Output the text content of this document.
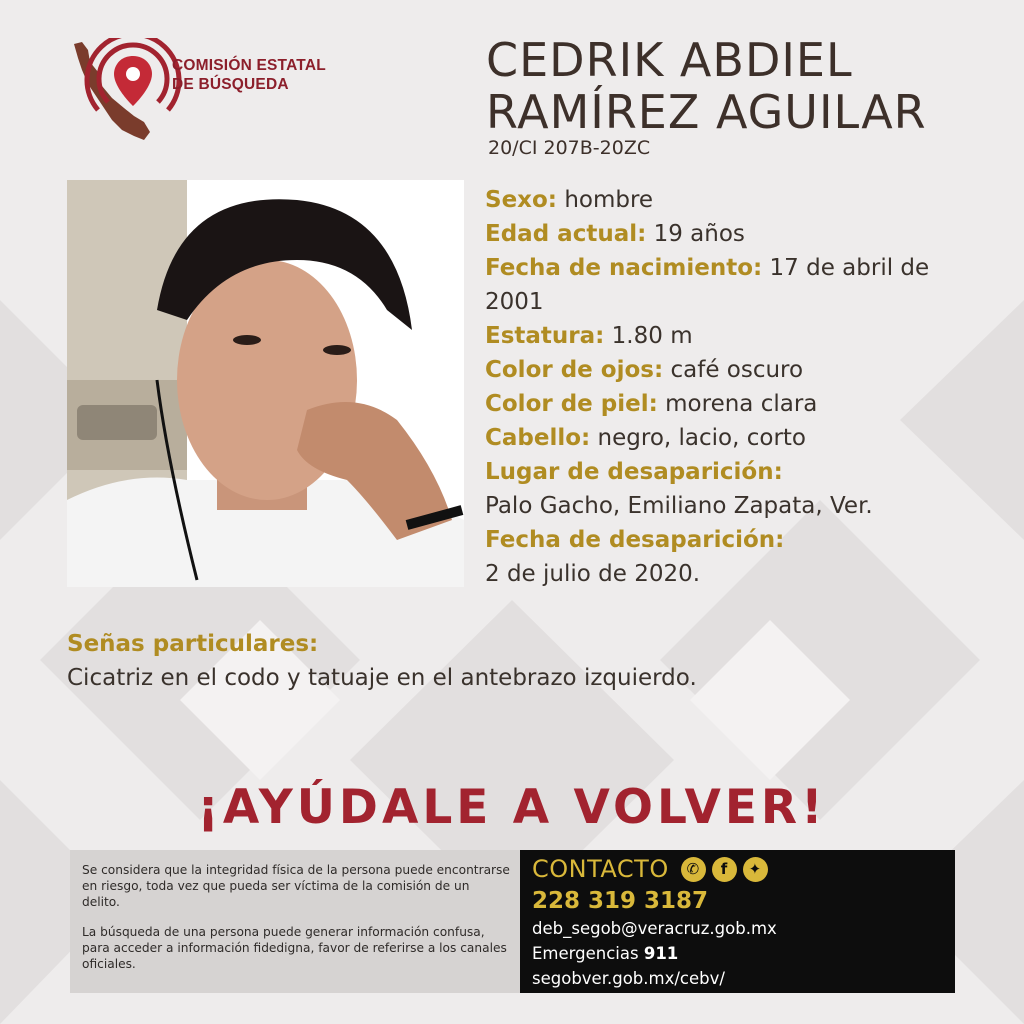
COMISIÓN ESTATAL
DE BÚSQUEDA	CEDRIK ABDIEL
RAMÍREZ AGUILAR
20/CI 207B-20ZC

Sexo: hombre

Edad actual: 19 años

Fecha de nacimiento: 17 de abril de 2001

Estatura: 1.80 m

Color de ojos: café oscuro

Color de piel: morena clara

Cabello: negro, lacio, corto

Lugar de desaparición:

Palo Gacho, Emiliano Zapata, Ver.

Fecha de desaparición:

2 de julio de 2020.

Señas particulares:
Cicatriz en el codo y tatuaje en el antebrazo izquierdo.
¡AYÚDALE A VOLVER!

Se considera que la integridad física de la persona puede encontrarse en riesgo, toda vez que pueda ser víctima de la comisión de un delito.

La búsqueda de una persona puede generar información confusa, para acceder a información fidedigna, favor de referirse a los canales oficiales.

CONTACTO	✆	f	✦
228 319 3187
deb_segob@veracruz.gob.mx
Emergencias 911
segobver.gob.mx/cebv/
